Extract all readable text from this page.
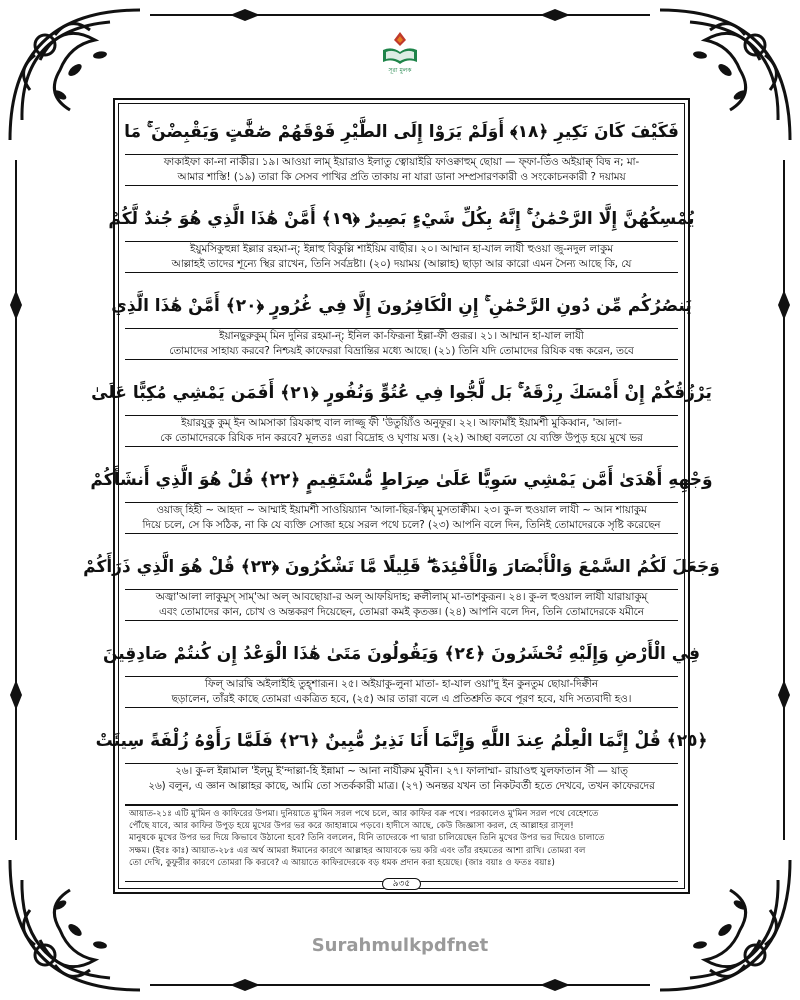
সূরা মুলক
فَكَيْفَ كَانَ نَكِيرِ ﴿١٨﴾ أَوَلَمْ يَرَوْا إِلَى الطَّيْرِ فَوْقَهُمْ صَٰفَّٰتٍ وَيَقْبِضْنَ ۚ مَا
ফাকাইফা কা-না নাকীর। ১৯। আওয়া লাম্‌ ইয়ারাও ইলাতু ত্বোয়াইরি ফাওক্বাহুম্‌ ছোয়া — ফ্‌ফা-তিঁও অইয়াক্ব্‌ বিদ্ব ন; মা-
আমার শাস্তি! (১৯) তারা কি সেসব পাখির প্রতি তাকায় না যারা ডানা সম্প্রসারণকারী ও সংকোচনকারী ? দয়াময়
يُمْسِكُهُنَّ إِلَّا الرَّحْمَٰنُ ۚ إِنَّهُ بِكُلِّ شَيْءٍ بَصِيرٌ ﴿١٩﴾ أَمَّنْ هَٰذَا الَّذِي هُوَ جُندٌ لَّكُمْ
ইয়ুমসিকুহুন্না ইল্লার রহমা-ন্‌; ইন্নাহু বিকুল্লি শাইয়িম বাছীর। ২০। আম্মান হা-যাল লাযী হুওয়া জু-নদুল লাকুম
আল্লাহই তাদের শূন্যে স্থির রাখেন, তিনি সর্বদ্রষ্টা। (২০) দয়াময় (আল্লাহ) ছাড়া আর কারো এমন সৈন্য আছে কি, যে
يَنصُرُكُم مِّن دُونِ الرَّحْمَٰنِ ۚ إِنِ الْكَافِرُونَ إِلَّا فِي غُرُورٍ ﴿٢٠﴾ أَمَّنْ هَٰذَا الَّذِي
ইয়ানছুরুকুম্‌ মিন দুনির রহমা-ন্‌; ইনিল কা-ফিরূনা ইল্লা-ফী গুরূর। ২১। আম্মান হা-যাল লাযী
তোমাদের সাহায্য করবে? নিশ্চয়ই কাফেররা বিভ্রান্তির মধ্যে আছে। (২১) তিনি যদি তোমাদের রিযিক বন্ধ করেন, তবে
يَرْزُقُكُمْ إِنْ أَمْسَكَ رِزْقَهُ ۚ بَل لَّجُّوا فِي عُتُوٍّ وَنُفُورٍ ﴿٢١﴾ أَفَمَن يَمْشِي مُكِبًّا عَلَىٰ
ইয়ারযুকু কুম্‌ ইন আমসাকা রিযকাহু বাল লাজ্জু ফী 'উতুয়্যিঁও অনুফূর। ২২। আফামাঁই ইয়ামশী মুকিব্বান, 'আলা-
কে তোমাদেরকে রিযিক দান করবে? মূলতঃ এরা বিদ্রোহ ও ঘৃণায় মত্ত। (২২) আচ্ছা বলতো যে ব্যক্তি উপুড় হয়ে মুখে ভর
وَجْهِهِ أَهْدَىٰ أَمَّن يَمْشِي سَوِيًّا عَلَىٰ صِرَاطٍ مُّسْتَقِيمٍ ﴿٢٢﴾ قُلْ هُوَ الَّذِي أَنشَأَكُمْ
ওয়াজ্‌ হিহী ~ আহদা ~ আম্মাই ইয়ামশী সাওয়িয়্যান 'আলা-ছির-ত্বিম্‌ মুসতাক্বীম। ২৩। কু-ল হুওয়াল লাযী ~ আন শায়াকুম
দিয়ে চলে, সে কি সঠিক, না কি যে ব্যক্তি সোজা হয়ে সরল পথে চলে? (২৩) আপনি বলে দিন, তিনিই তোমাদেরকে সৃষ্টি করেছেন
وَجَعَلَ لَكُمُ السَّمْعَ وَالْأَبْصَارَ وَالْأَفْئِدَةَ ۖ قَلِيلًا مَّا تَشْكُرُونَ ﴿٢٣﴾ قُلْ هُوَ الَّذِي ذَرَأَكُمْ
অজ্বা'আলা লাকুমুস্‌ সাম্‌'আ অল্‌ আবছোয়া-র অল্‌ আফয়িদাহ; ক্বলীলাম্‌ মা-তাশকুরূন। ২৪। কু-ল হুওয়াল লাযী যারায়াকুম্‌
এবং তোমাদের কান, চোখ ও অন্তকরণ দিয়েছেন, তোমরা কমই কৃতজ্ঞ। (২৪) আপনি বলে দিন, তিনি তোমাদেরকে যমীনে
فِي الْأَرْضِ وَإِلَيْهِ تُحْشَرُونَ ﴿٢٤﴾ وَيَقُولُونَ مَتَىٰ هَٰذَا الْوَعْدُ إِن كُنتُمْ صَادِقِينَ
ফিল্‌ আরদ্বি অইলাইহি তুহ্‌শারূন। ২৫। অইয়াকু-লুনা মাতা- হা-যাল ওয়া'দু ইন কুনতুম ছোয়া-দিক্বীন
ছড়ালেন, তাঁরই কাছে তোমরা একত্রিত হবে, (২৫) আর তারা বলে এ প্রতিশ্রুতি কবে পূরণ হবে, যদি সত্যবাদী হও।
﴿٢٥﴾ قُلْ إِنَّمَا الْعِلْمُ عِندَ اللَّهِ وَإِنَّمَا أَنَا نَذِيرٌ مُّبِينٌ ﴿٢٦﴾ فَلَمَّا رَأَوْهُ زُلْفَةً سِيئَتْ
২৬। কু-ল ইন্নামাল 'ইল্‌মু ই'ন্দাল্লা-হি ইন্নামা ~ আনা নাযীরুম মুবীন। ২৭। ফালাম্মা- রায়াওহু যুলফাতান সী — য়াত্‌
২৬) বলুন, এ জ্ঞান আল্লাহর কাছে, আমি তো সতর্ককারী মাত্র। (২৭) অনন্তর যখন তা নিকটবর্তী হতে দেখবে, তখন কাফেরদের
আয়াত-২১ঃ এটি মু'মিন ও কাফিরের উপমা। দুনিয়াতে মু'মিন সরল পথে চলে, আর কাফির বক্র পথে। পরকালেও মু'মিন সরল পথে বেহেশতে
পৌঁছে যাবে, আর কাফির উপুড় হয়ে মুখের উপর ভর করে জাহান্নামে পড়বে। হাদীসে আছে, কেউ জিজ্ঞাসা করল, হে আল্লাহর রাসূল!
মানুষকে মুখের উপর ভর দিয়ে কিভাবে উঠানো হবে? তিনি বললেন, যিনি তাদেরকে পা দ্বারা চালিয়েছেন তিনি মুখের উপর ভর দিয়েও চালাতে
সক্ষম। (ইবঃ কাঃ) আয়াত-২৮ঃ এর অর্থ আমরা ঈমানের কারণে আল্লাহর আযাবকে ভয় করি এবং তাঁর রহমতের আশা রাখি। তোমরা বল
তো দেখি, কুফুরীর কারণে তোমরা কি করবে? এ আয়াতে কাফিরদেরকে বড় ধমক প্রদান করা হয়েছে। (জাঃ বয়াঃ ও ফতঃ বয়াঃ)
৯৩৫
Surahmulkpdfnet
